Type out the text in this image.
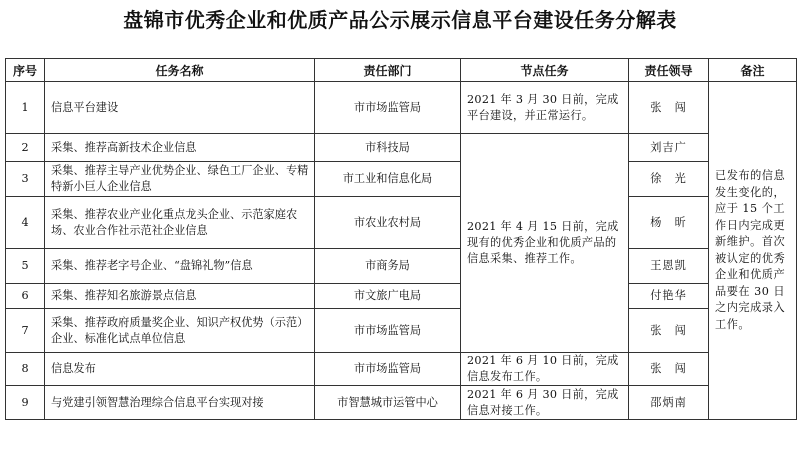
盘锦市优秀企业和优质产品公示展示信息平台建设任务分解表
序号	任务名称	责任部门	节点任务	责任领导	备注
1	信息平台建设	市市场监管局	2021 年 3 月 30 日前，完成平台建设，并正常运行。	张　闯	已发布的信息发生变化的，应于 15 个工作日内完成更新维护。首次被认定的优秀企业和优质产品要在 30 日之内完成录入工作。
2	采集、推荐高新技术企业信息	市科技局	2021 年 4 月 15 日前，完成现有的优秀企业和优质产品的信息采集、推荐工作。	刘吉广	
3	采集、推荐主导产业优势企业、绿色工厂企业、专精特新小巨人企业信息	市工业和信息化局		徐　光	
4	采集、推荐农业产业化重点龙头企业、示范家庭农场、农业合作社示范社企业信息	市农业农村局		杨　昕	
5	采集、推荐老字号企业、“盘锦礼物”信息	市商务局		王恩凯	
6	采集、推荐知名旅游景点信息	市文旅广电局		付艳华	
7	采集、推荐政府质量奖企业、知识产权优势（示范）企业、标准化试点单位信息	市市场监管局		张　闯	
8	信息发布	市市场监管局	2021 年 6 月 10 日前，完成信息发布工作。	张　闯	
9	与党建引领智慧治理综合信息平台实现对接	市智慧城市运管中心	2021 年 6 月 30 日前，完成信息对接工作。	邵炳南	
